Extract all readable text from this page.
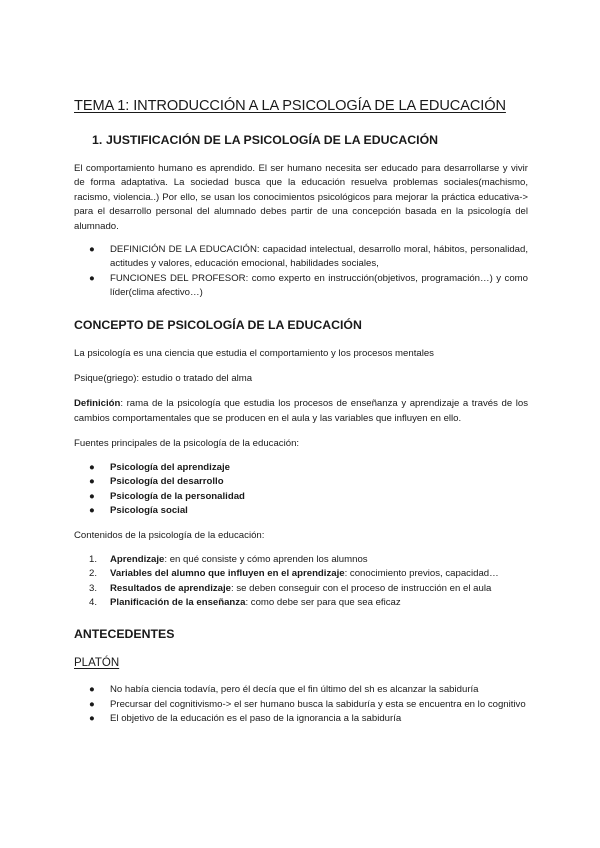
TEMA 1: INTRODUCCIÓN A LA PSICOLOGÍA DE LA EDUCACIÓN
1. JUSTIFICACIÓN DE LA PSICOLOGÍA DE LA EDUCACIÓN

El comportamiento humano es aprendido. El ser humano necesita ser educado para desarrollarse y vivir de forma adaptativa. La sociedad busca que la educación resuelva problemas sociales(machismo, racismo, violencia..) Por ello, se usan los conocimientos psicológicos para mejorar la práctica educativa-> para el desarrollo personal del alumnado debes partir de una concepción basada en la psicología del alumnado.

● DEFINICIÓN DE LA EDUCACIÓN: capacidad intelectual, desarrollo moral, hábitos, personalidad, actitudes y valores, educación emocional, habilidades sociales,
● FUNCIONES DEL PROFESOR: como experto en instrucción(objetivos, programación…) y como líder(clima afectivo…)
CONCEPTO DE PSICOLOGÍA DE LA EDUCACIÓN

La psicología es una ciencia que estudia el comportamiento y los procesos mentales

Psique(griego): estudio o tratado del alma

Definición: rama de la psicología que estudia los procesos de enseñanza y aprendizaje a través de los cambios comportamentales que se producen en el aula y las variables que influyen en ello.

Fuentes principales de la psicología de la educación:

● Psicología del aprendizaje
● Psicología del desarrollo
● Psicología de la personalidad
● Psicología social

Contenidos de la psicología de la educación:

1. Aprendizaje: en qué consiste y cómo aprenden los alumnos
2. Variables del alumno que influyen en el aprendizaje: conocimiento previos, capacidad…
3. Resultados de aprendizaje: se deben conseguir con el proceso de instrucción en el aula
4. Planificación de la enseñanza: como debe ser para que sea eficaz
ANTECEDENTES
PLATÓN
● No había ciencia todavía, pero él decía que el fin último del sh es alcanzar la sabiduría
● Precursar del cognitivismo-> el ser humano busca la sabiduría y esta se encuentra en lo cognitivo
● El objetivo de la educación es el paso de la ignorancia a la sabiduría
